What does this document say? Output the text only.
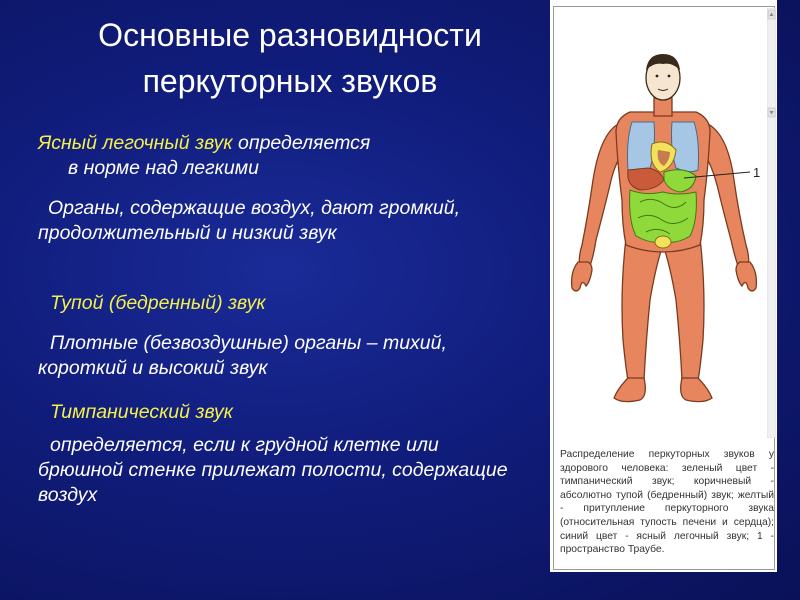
Основные разновидности
перкуторных звуков
Ясный легочный звук определяется
в норме над легкими
Органы, содержащие воздух, дают громкий, продолжительный и низкий звук
Тупой (бедренный) звук
Плотные (безвоздушные) органы – тихий, короткий и высокий звук
Тимпанический звук
определяется, если к грудной клетке или брюшной стенке прилежат полости, содержащие воздух
1
Распределение перкуторных звуков у здорового человека: зеленый цвет - тимпанический звук; коричневый - абсолютно тупой (бедренный) звук; желтый - притупление перкуторного звука (относительная тупость печени и сердца); синий цвет - ясный легочный звук; 1 - пространство Траубе.
